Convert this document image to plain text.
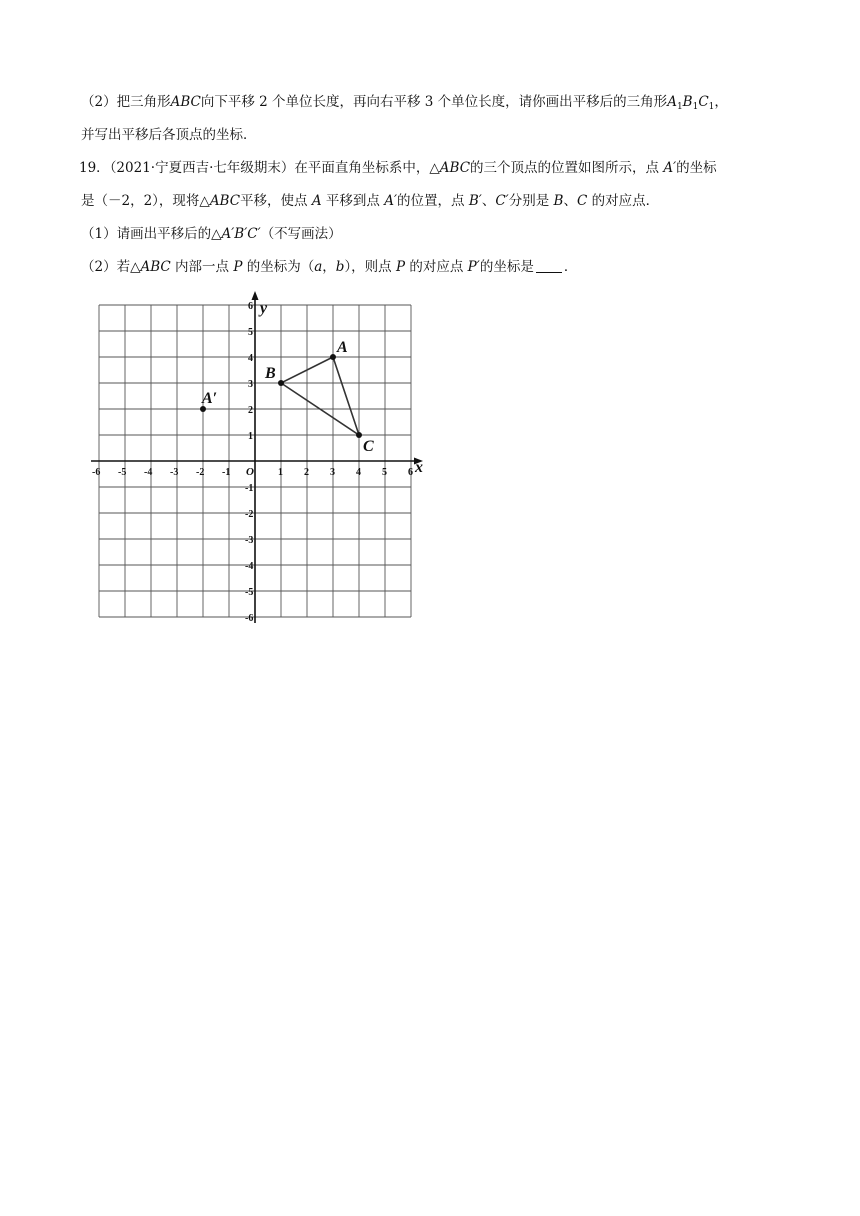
（2）把三角形ABC向下平移 2 个单位长度，再向右平移 3 个单位长度，请你画出平移后的三角形$A_1B_1C_1$，
并写出平移后各顶点的坐标．
19．（2021·宁夏西吉·七年级期末）在平面直角坐标系中，△ABC的三个顶点的位置如图所示，点 A′的坐标
是（－2，2），现将△ABC平移，使点 A 平移到点 A′的位置，点 B′、C′分别是 B、C 的对应点．
（1）请画出平移后的△A′B′C′（不写画法）
（2）若△ABC 内部一点 P 的坐标为（a，b），则点 P 的对应点 P′的坐标是 ．
x
y
O
-6 -5 -4 -3 -2 -1	1 2 3 4 5 6
6
5
4
3
2
1
-1
-2
-3
-4
-5
-6
A
B
C
A′
